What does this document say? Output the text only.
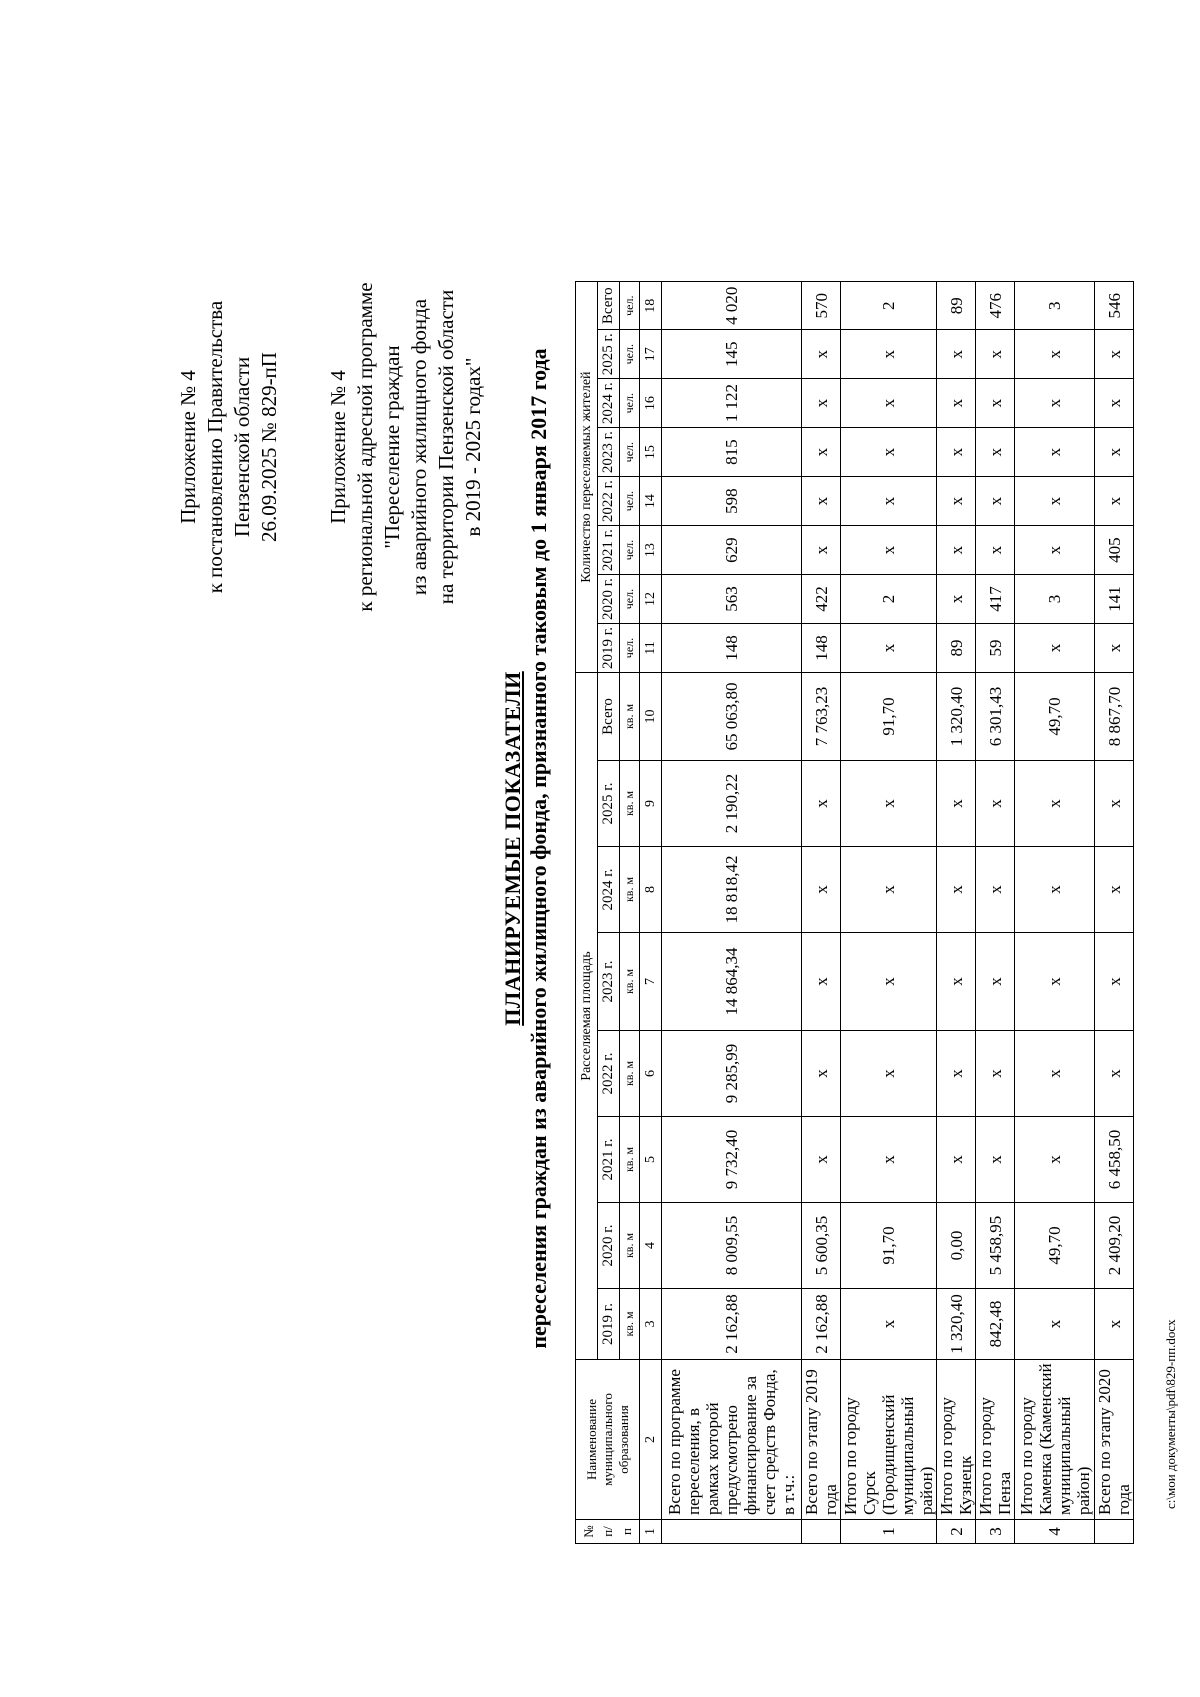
Приложение № 4 к постановлению Правительства Пензенской области 26.09.2025 № 829-пП Приложение № 4 к региональной адресной программе "Переселение граждан из аварийного жилищного фонда на территории Пензенской области в 2019 - 2025 годах"
ПЛАНИРУЕМЫЕ ПОКАЗАТЕЛИ переселения граждан из аварийного жилищного фонда, признанного таковым до 1 января 2017 года
№ п/п	Наименование муниципального образования	Расселяемая площадь								Количество переселяемых жителей							
		2019 г.	2020 г.	2021 г.	2022 г.	2023 г.	2024 г.	2025 г.	Всего	2019 г.	2020 г.	2021 г.	2022 г.	2023 г.	2024 г.	2025 г.	Всего
		кв. м	кв. м	кв. м	кв. м	кв. м	кв. м	кв. м	кв. м	чел.	чел.	чел.	чел.	чел.	чел.	чел.	чел.
1	2	3	4	5	6	7	8	9	10	11	12	13	14	15	16	17	18
	Всего по программе переселения, в рамках которой предусмотрено финансирование за счет средств Фонда, в т.ч.:	2 162,88	8 009,55	9 732,40	9 285,99	14 864,34	18 818,42	2 190,22	65 063,80	148	563	629	598	815	1 122	145	4 020
	Всего по этапу 2019 года	2 162,88	5 600,35	х	х	х	х	х	7 763,23	148	422	х	х	х	х	х	570
1	Итого по городу Сурск (Городищенский муниципальный район)	х	91,70	х	х	х	х	х	91,70	х	2	х	х	х	х	х	2
2	Итого по городу Кузнецк	1 320,40	0,00	х	х	х	х	х	1 320,40	89	х	х	х	х	х	х	89
3	Итого по городу Пенза	842,48	5 458,95	х	х	х	х	х	6 301,43	59	417	х	х	х	х	х	476
4	Итого по городу Каменка (Каменский муниципальный район)	х	49,70	х	х	х	х	х	49,70	х	3	х	х	х	х	х	3
	Всего по этапу 2020 года	х	2 409,20	6 458,50	х	х	х	х	8 867,70	х	141	405	х	х	х	х	546
c:\мои документы\pdf\829-пп.docx
